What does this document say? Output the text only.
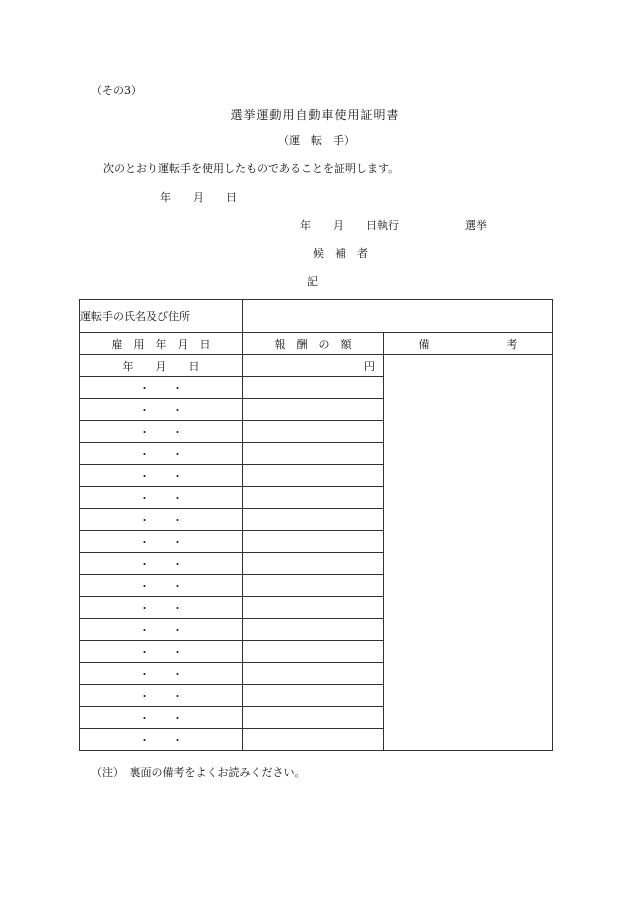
（その3）
選挙運動用自動車使用証明書
（運　転　手）
次のとおり運転手を使用したものであることを証明します。
年　　月　　日
年　　月　　日執行　　　　　　選挙
候　補　者
記
運転手の氏名及び住所		
雇　用　年　月　日	報　酬　の　額	備　　　　　　　考
年　　月　　日	円	
・　　・		
・　　・		
・　　・		
・　　・		
・　　・		
・　　・		
・　　・		
・　　・		
・　　・		
・　　・		
・　　・		
・　　・		
・　　・		
・　　・		
・　　・		
・　　・		
・　　・		
（注）　裏面の備考をよくお読みください。
